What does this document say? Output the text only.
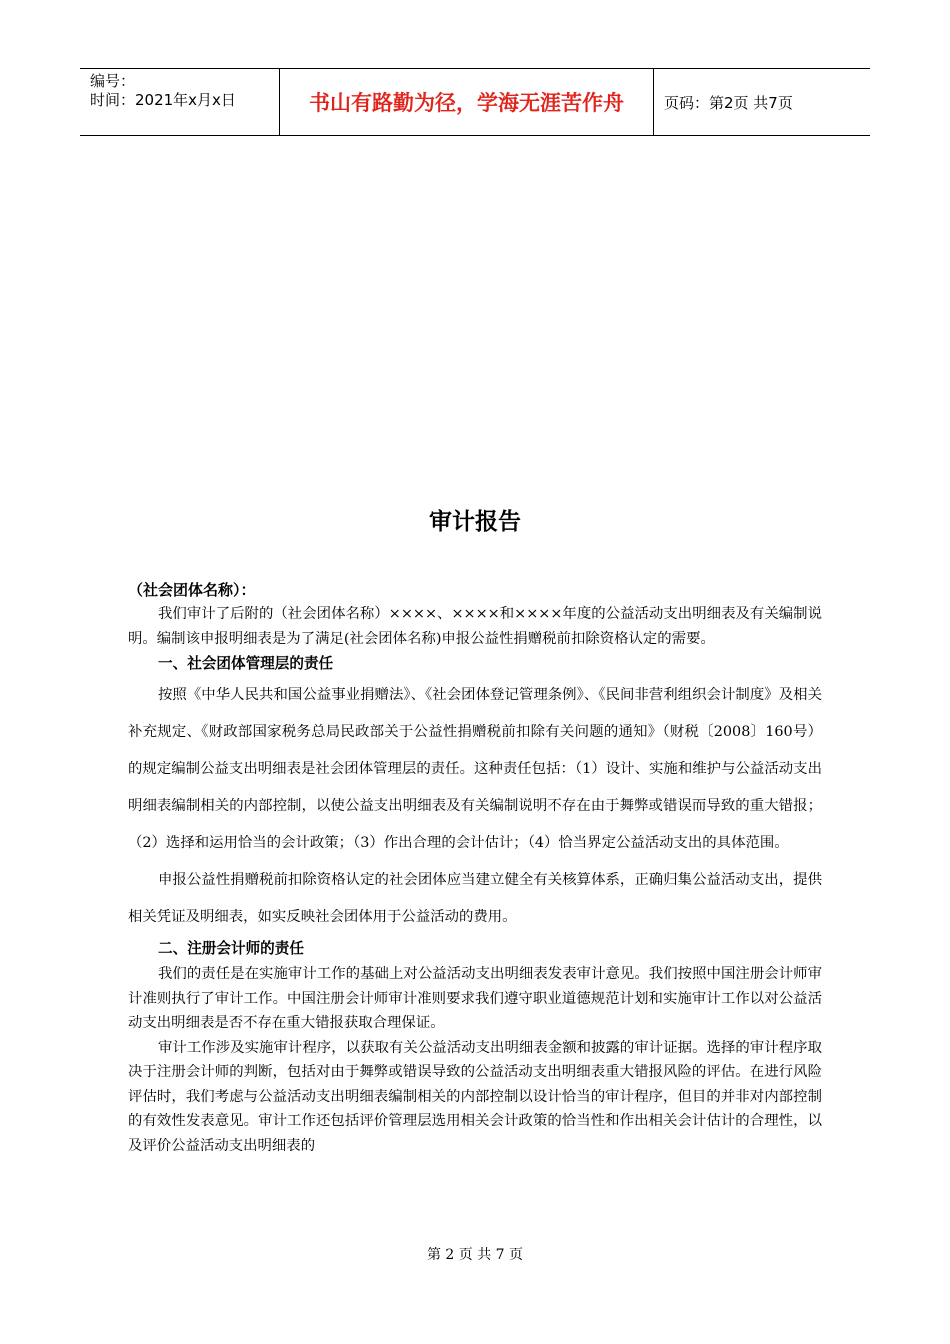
编号：
时间：2021年x月x日	书山有路勤为径，学海无涯苦作舟	页码：第2页 共7页
审计报告

（社会团体名称）：

我们审计了后附的（社会团体名称）××××、××××和××××年度的公益活动支出明细表及有关编制说明。编制该申报明细表是为了满足(社会团体名称)申报公益性捐赠税前扣除资格认定的需要。

一、社会团体管理层的责任

按照《中华人民共和国公益事业捐赠法》、《社会团体登记管理条例》、《民间非营利组织会计制度》及相关补充规定、《财政部国家税务总局民政部关于公益性捐赠税前扣除有关问题的通知》（财税〔2008〕160号）的规定编制公益支出明细表是社会团体管理层的责任。这种责任包括：（1）设计、实施和维护与公益活动支出明细表编制相关的内部控制，以使公益支出明细表及有关编制说明不存在由于舞弊或错误而导致的重大错报；（2）选择和运用恰当的会计政策；（3）作出合理的会计估计；（4）恰当界定公益活动支出的具体范围。

申报公益性捐赠税前扣除资格认定的社会团体应当建立健全有关核算体系，正确归集公益活动支出，提供相关凭证及明细表，如实反映社会团体用于公益活动的费用。

二、注册会计师的责任

我们的责任是在实施审计工作的基础上对公益活动支出明细表发表审计意见。我们按照中国注册会计师审计准则执行了审计工作。中国注册会计师审计准则要求我们遵守职业道德规范计划和实施审计工作以对公益活动支出明细表是否不存在重大错报获取合理保证。

审计工作涉及实施审计程序，以获取有关公益活动支出明细表金额和披露的审计证据。选择的审计程序取决于注册会计师的判断，包括对由于舞弊或错误导致的公益活动支出明细表重大错报风险的评估。在进行风险评估时，我们考虑与公益活动支出明细表编制相关的内部控制以设计恰当的审计程序，但目的并非对内部控制的有效性发表意见。审计工作还包括评价管理层选用相关会计政策的恰当性和作出相关会计估计的合理性，以及评价公益活动支出明细表的

第 2 页 共 7 页
